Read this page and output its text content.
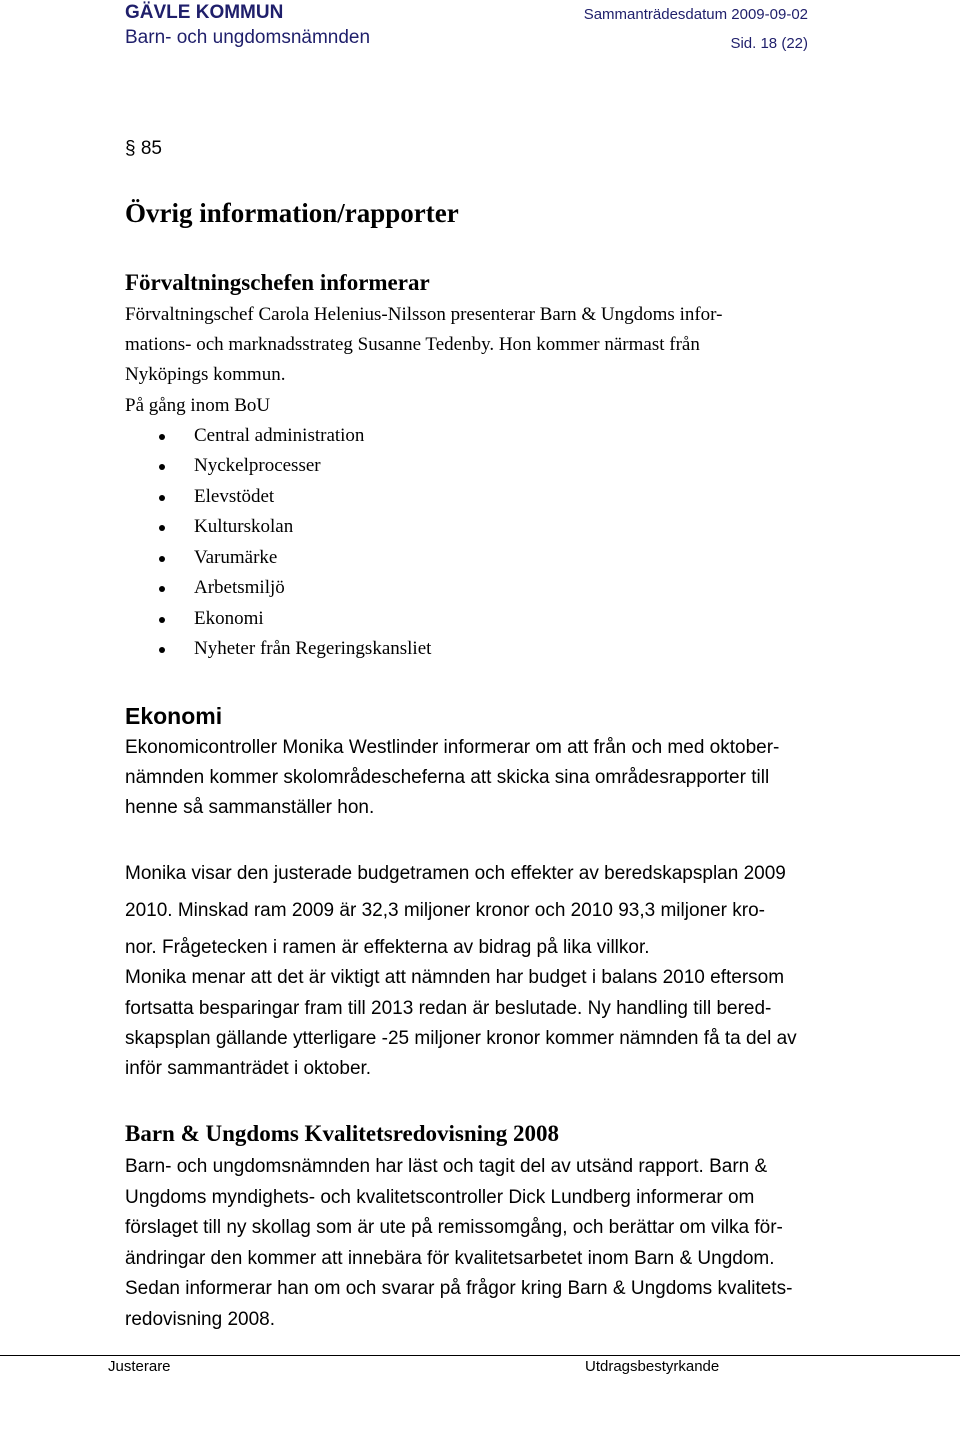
GÄVLE KOMMUN
Barn- och ungdomsnämnden
Sammanträdesdatum 2009-09-02
Sid. 18 (22)
§ 85
Övrig information/rapporter
Förvaltningschefen informerar
Förvaltningschef Carola Helenius-Nilsson presenterar Barn & Ungdoms infor-
mations- och marknadsstrateg Susanne Tedenby. Hon kommer närmast från
Nyköpings kommun.
På gång inom BoU
Central administration
Nyckelprocesser
Elevstödet
Kulturskolan
Varumärke
Arbetsmiljö
Ekonomi
Nyheter från Regeringskansliet
Ekonomi
Ekonomicontroller Monika Westlinder informerar om att från och med oktober-
nämnden kommer skolområdescheferna att skicka sina områdesrapporter till
henne så sammanställer hon.
Monika visar den justerade budgetramen och effekter av beredskapsplan 2009
2010. Minskad ram 2009 är 32,3 miljoner kronor och 2010 93,3 miljoner kro-
nor. Frågetecken i ramen är effekterna av bidrag på lika villkor.
Monika menar att det är viktigt att nämnden har budget i balans 2010 eftersom
fortsatta besparingar fram till 2013 redan är beslutade. Ny handling till bered-
skapsplan gällande ytterligare -25 miljoner kronor kommer nämnden få ta del av
inför sammanträdet i oktober.
Barn & Ungdoms Kvalitetsredovisning 2008
Barn- och ungdomsnämnden har läst och tagit del av utsänd rapport. Barn &
Ungdoms myndighets- och kvalitetscontroller Dick Lundberg informerar om
förslaget till ny skollag som är ute på remissomgång, och berättar om vilka för-
ändringar den kommer att innebära för kvalitetsarbetet inom Barn & Ungdom.
Sedan informerar han om och svarar på frågor kring Barn & Ungdoms kvalitets-
redovisning 2008.
Justerare	Utdragsbestyrkande
